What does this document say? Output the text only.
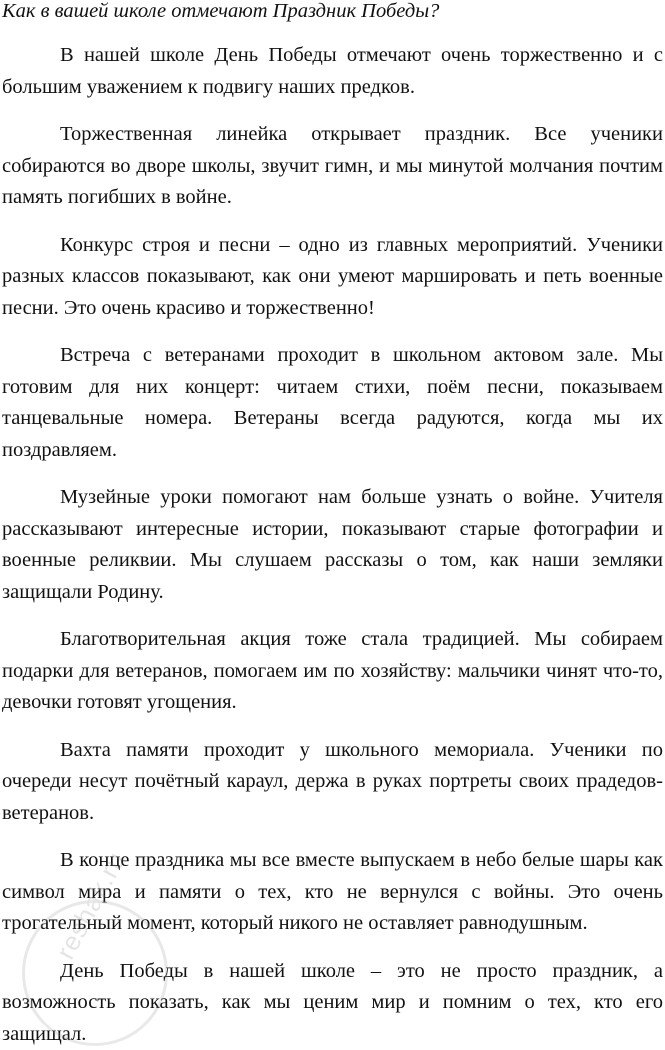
Как в вашей школе отмечают Праздник Победы?

В нашей школе День Победы отмечают очень торжественно и с большим уважением к подвигу наших предков.

Торжественная линейка открывает праздник. Все ученики собираются во дворе школы, звучит гимн, и мы минутой молчания почтим память погибших в войне.

Конкурс строя и песни – одно из главных мероприятий. Ученики разных классов показывают, как они умеют маршировать и петь военные песни. Это очень красиво и торжественно!

Встреча с ветеранами проходит в школьном актовом зале. Мы готовим для них концерт: читаем стихи, поём песни, показываем танцевальные номера. Ветераны всегда радуются, когда мы их поздравляем.

Музейные уроки помогают нам больше узнать о войне. Учителя рассказывают интересные истории, показывают старые фотографии и военные реликвии. Мы слушаем рассказы о том, как наши земляки защищали Родину.

Благотворительная акция тоже стала традицией. Мы собираем подарки для ветеранов, помогаем им по хозяйству: мальчики чинят что-то, девочки готовят угощения.

Вахта памяти проходит у школьного мемориала. Ученики по очереди несут почётный караул, держа в руках портреты своих прадедов-ветеранов.

В конце праздника мы все вместе выпускаем в небо белые шары как символ мира и памяти о тех, кто не вернулся с войны. Это очень трогательный момент, который никого не оставляет равнодушным.

День Победы в нашей школе – это не просто праздник, а возможность показать, как мы ценим мир и помним о тех, кто его защищал.

reshak.ru
